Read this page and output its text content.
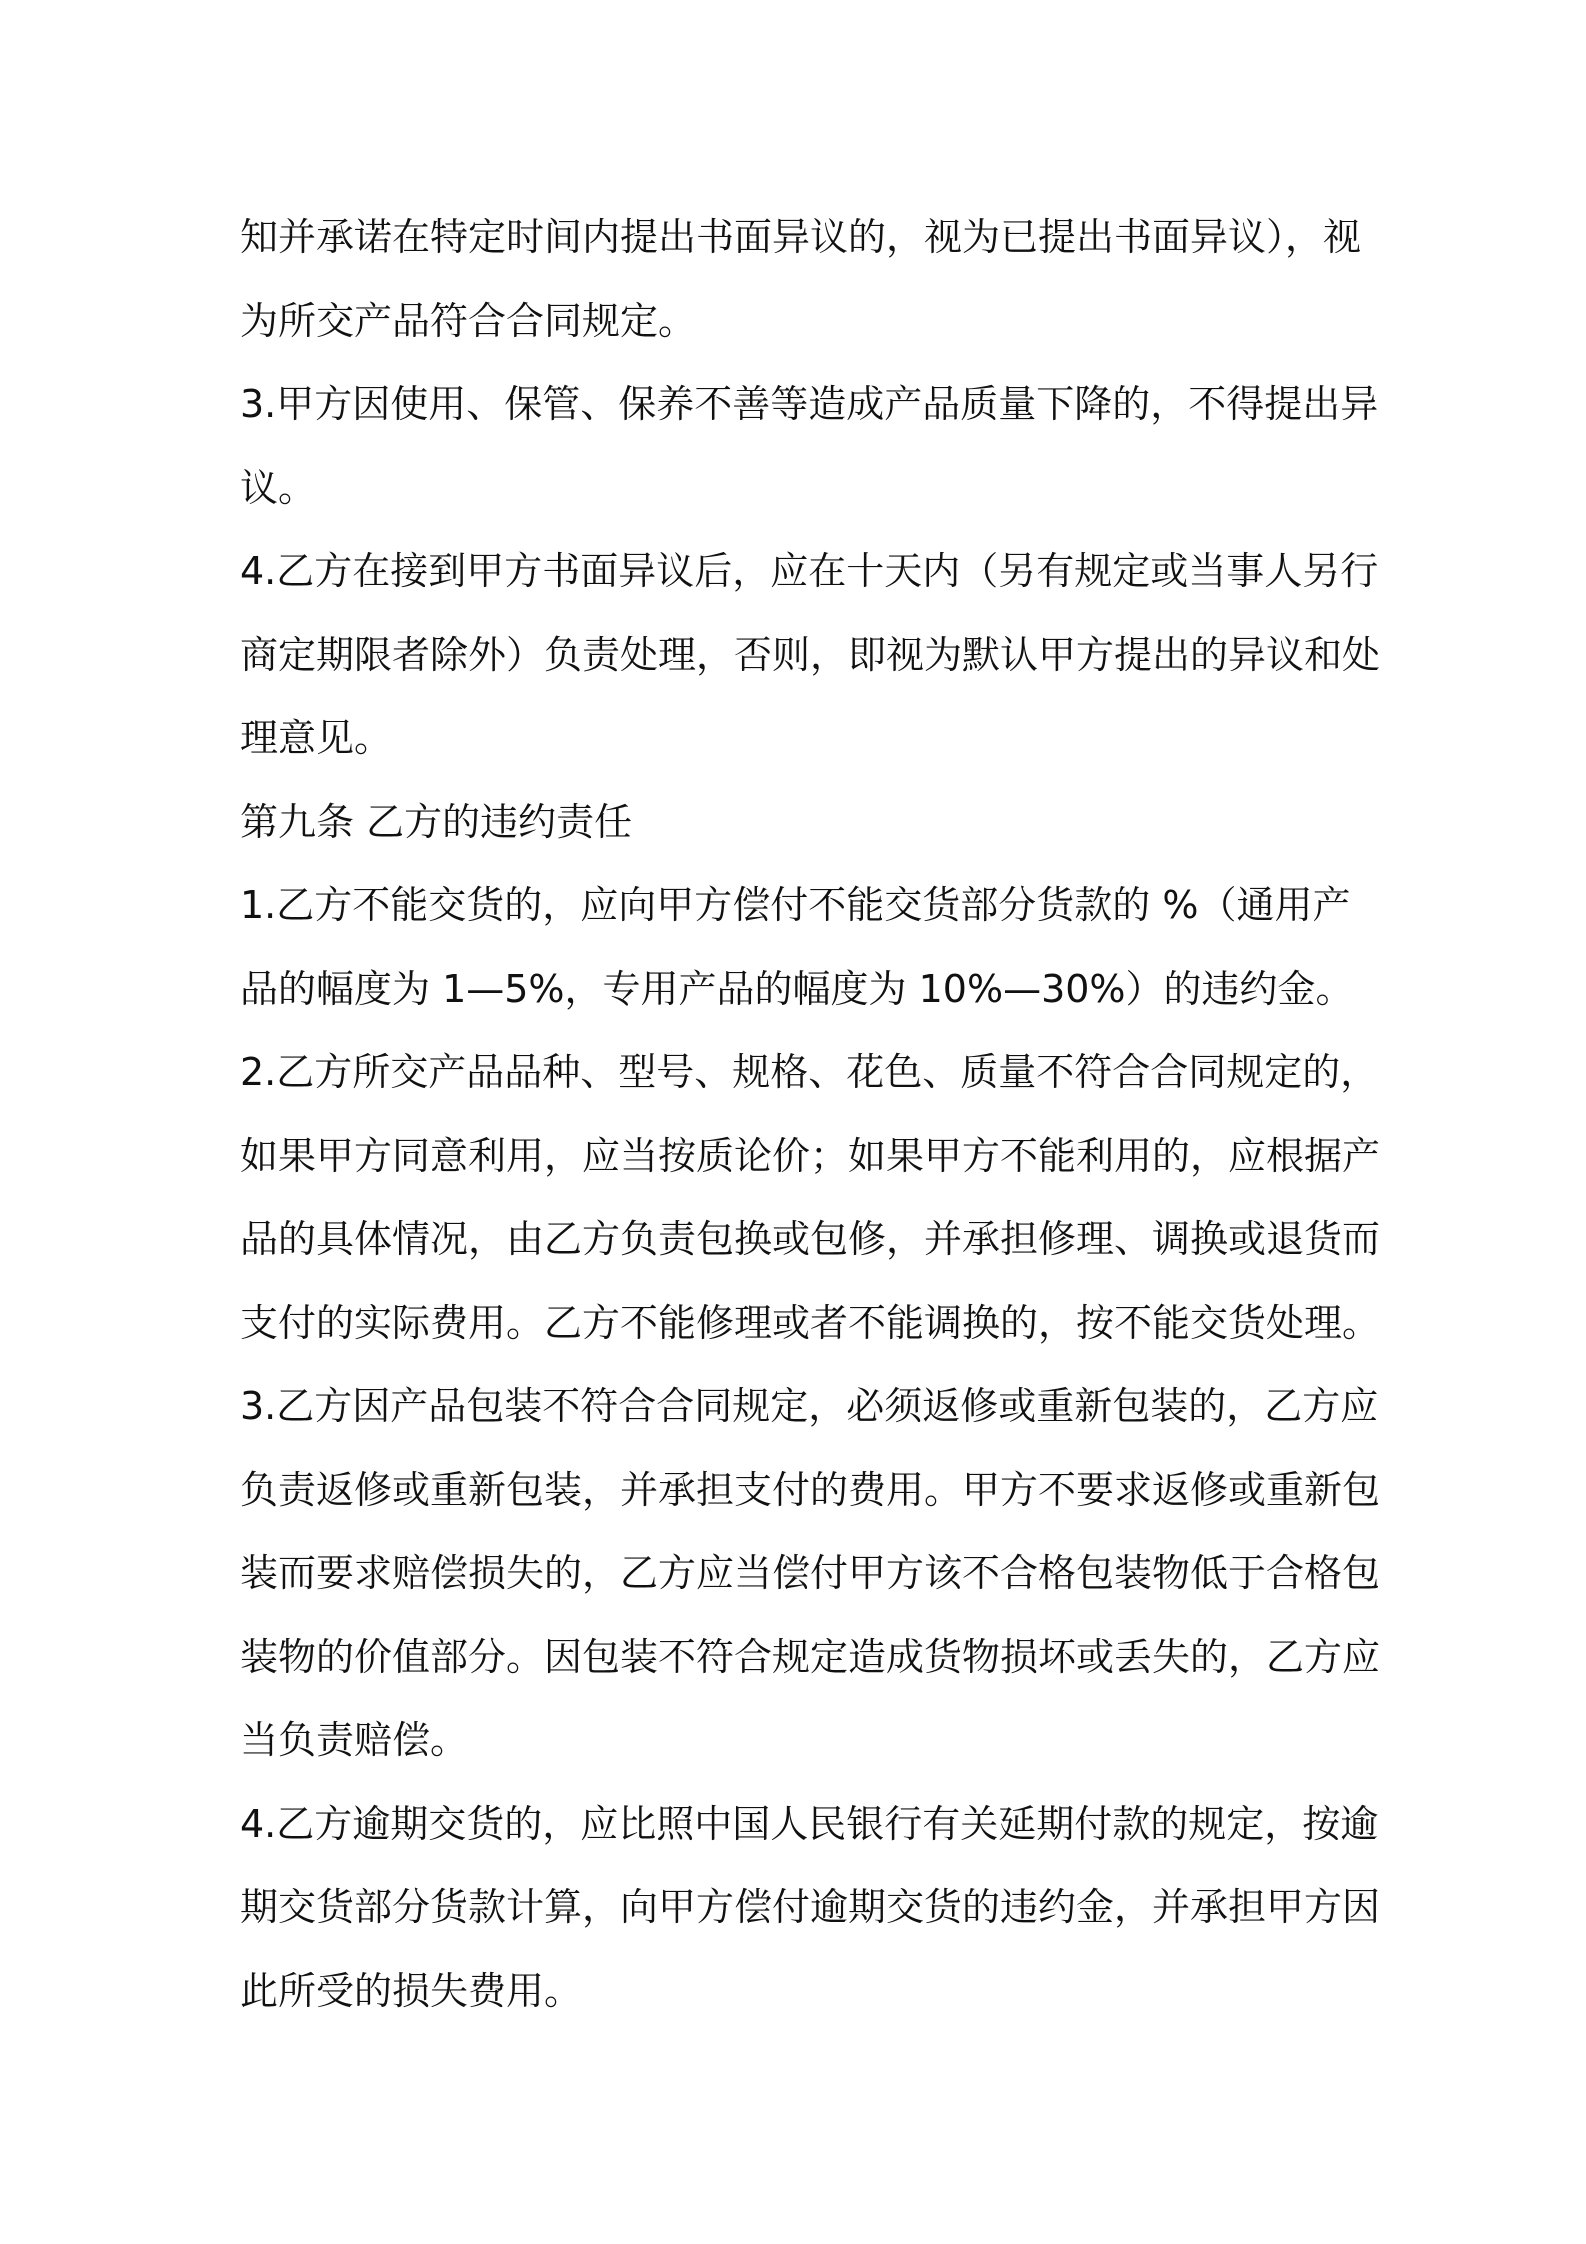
知并承诺在特定时间内提出书面异议的，视为已提出书面异议），视
为所交产品符合合同规定。
3.甲方因使用、保管、保养不善等造成产品质量下降的，不得提出异
议。
4.乙方在接到甲方书面异议后，应在十天内（另有规定或当事人另行
商定期限者除外）负责处理，否则，即视为默认甲方提出的异议和处
理意见。
第九条 乙方的违约责任
1.乙方不能交货的，应向甲方偿付不能交货部分货款的 %（通用产
品的幅度为 1—5%，专用产品的幅度为 10%—30%）的违约金。
2.乙方所交产品品种、型号、规格、花色、质量不符合合同规定的，
如果甲方同意利用，应当按质论价；如果甲方不能利用的，应根据产
品的具体情况，由乙方负责包换或包修，并承担修理、调换或退货而
支付的实际费用。乙方不能修理或者不能调换的，按不能交货处理。
3.乙方因产品包装不符合合同规定，必须返修或重新包装的，乙方应
负责返修或重新包装，并承担支付的费用。甲方不要求返修或重新包
装而要求赔偿损失的，乙方应当偿付甲方该不合格包装物低于合格包
装物的价值部分。因包装不符合规定造成货物损坏或丢失的，乙方应
当负责赔偿。
4.乙方逾期交货的，应比照中国人民银行有关延期付款的规定，按逾
期交货部分货款计算，向甲方偿付逾期交货的违约金，并承担甲方因
此所受的损失费用。
